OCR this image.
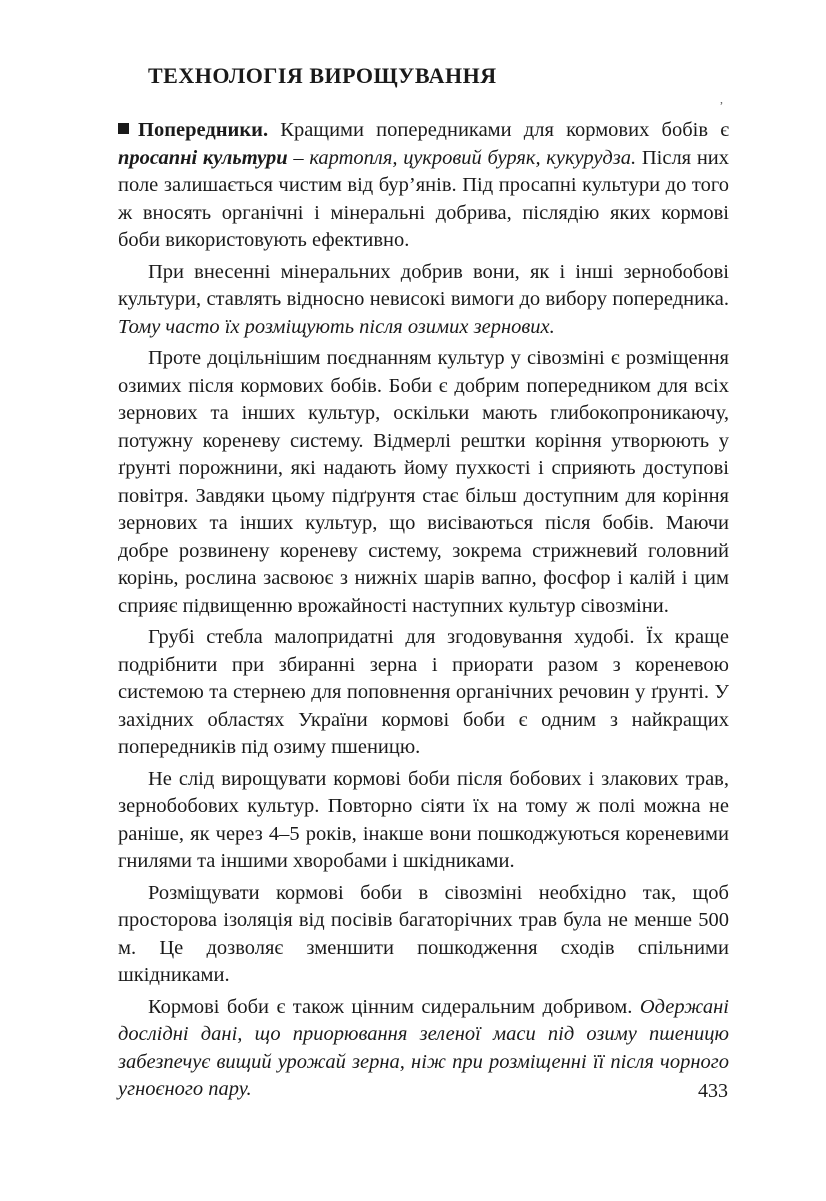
ТЕХНОЛОГІЯ ВИРОЩУВАННЯ
,

Попередники. Кращими попередниками для кормових бобів є просапні культури – картопля, цукровий буряк, кукурудза. Після них поле залишається чистим від бур’янів. Під просапні культури до того ж вносять органічні і мінеральні добрива, післядію яких кормові боби використовують ефективно.

При внесенні мінеральних добрив вони, як і інші зернобобові культури, ставлять відносно невисокі вимоги до вибору попередника. Тому часто їх розміщують після озимих зернових.

Проте доцільнішим поєднанням культур у сівозміні є розміщення озимих після кормових бобів. Боби є добрим попередником для всіх зернових та інших культур, оскільки мають глибокопроникаючу, потужну кореневу систему. Відмерлі рештки коріння утворюють у ґрунті порожнини, які надають йому пухкості і сприяють доступові повітря. Завдяки цьому підґрунтя стає більш доступним для коріння зернових та інших культур, що висіваються після бобів. Маючи добре розвинену кореневу систему, зокрема стрижневий головний корінь, рослина засвоює з нижніх шарів вапно, фосфор і калій і цим сприяє підвищенню врожайності наступних культур сівозміни.

Грубі стебла малопридатні для згодовування худобі. Їх краще подрібнити при збиранні зерна і приорати разом з кореневою системою та стернею для поповнення органічних речовин у ґрунті. У західних областях України кормові боби є одним з найкращих попередників під озиму пшеницю.

Не слід вирощувати кормові боби після бобових і злакових трав, зернобобових культур. Повторно сіяти їх на тому ж полі можна не раніше, як через 4–5 років, інакше вони пошкоджуються кореневими гнилями та іншими хворобами і шкідниками.

Розміщувати кормові боби в сівозміні необхідно так, щоб просторова ізоляція від посівів багаторічних трав була не менше 500 м. Це дозволяє зменшити пошкодження сходів спільними шкідниками.

Кормові боби є також цінним сидеральним добривом. Одержані дослідні дані, що приорювання зеленої маси під озиму пшеницю забезпечує вищий урожай зерна, ніж при розміщенні її після чорного угноєного пару.	433
